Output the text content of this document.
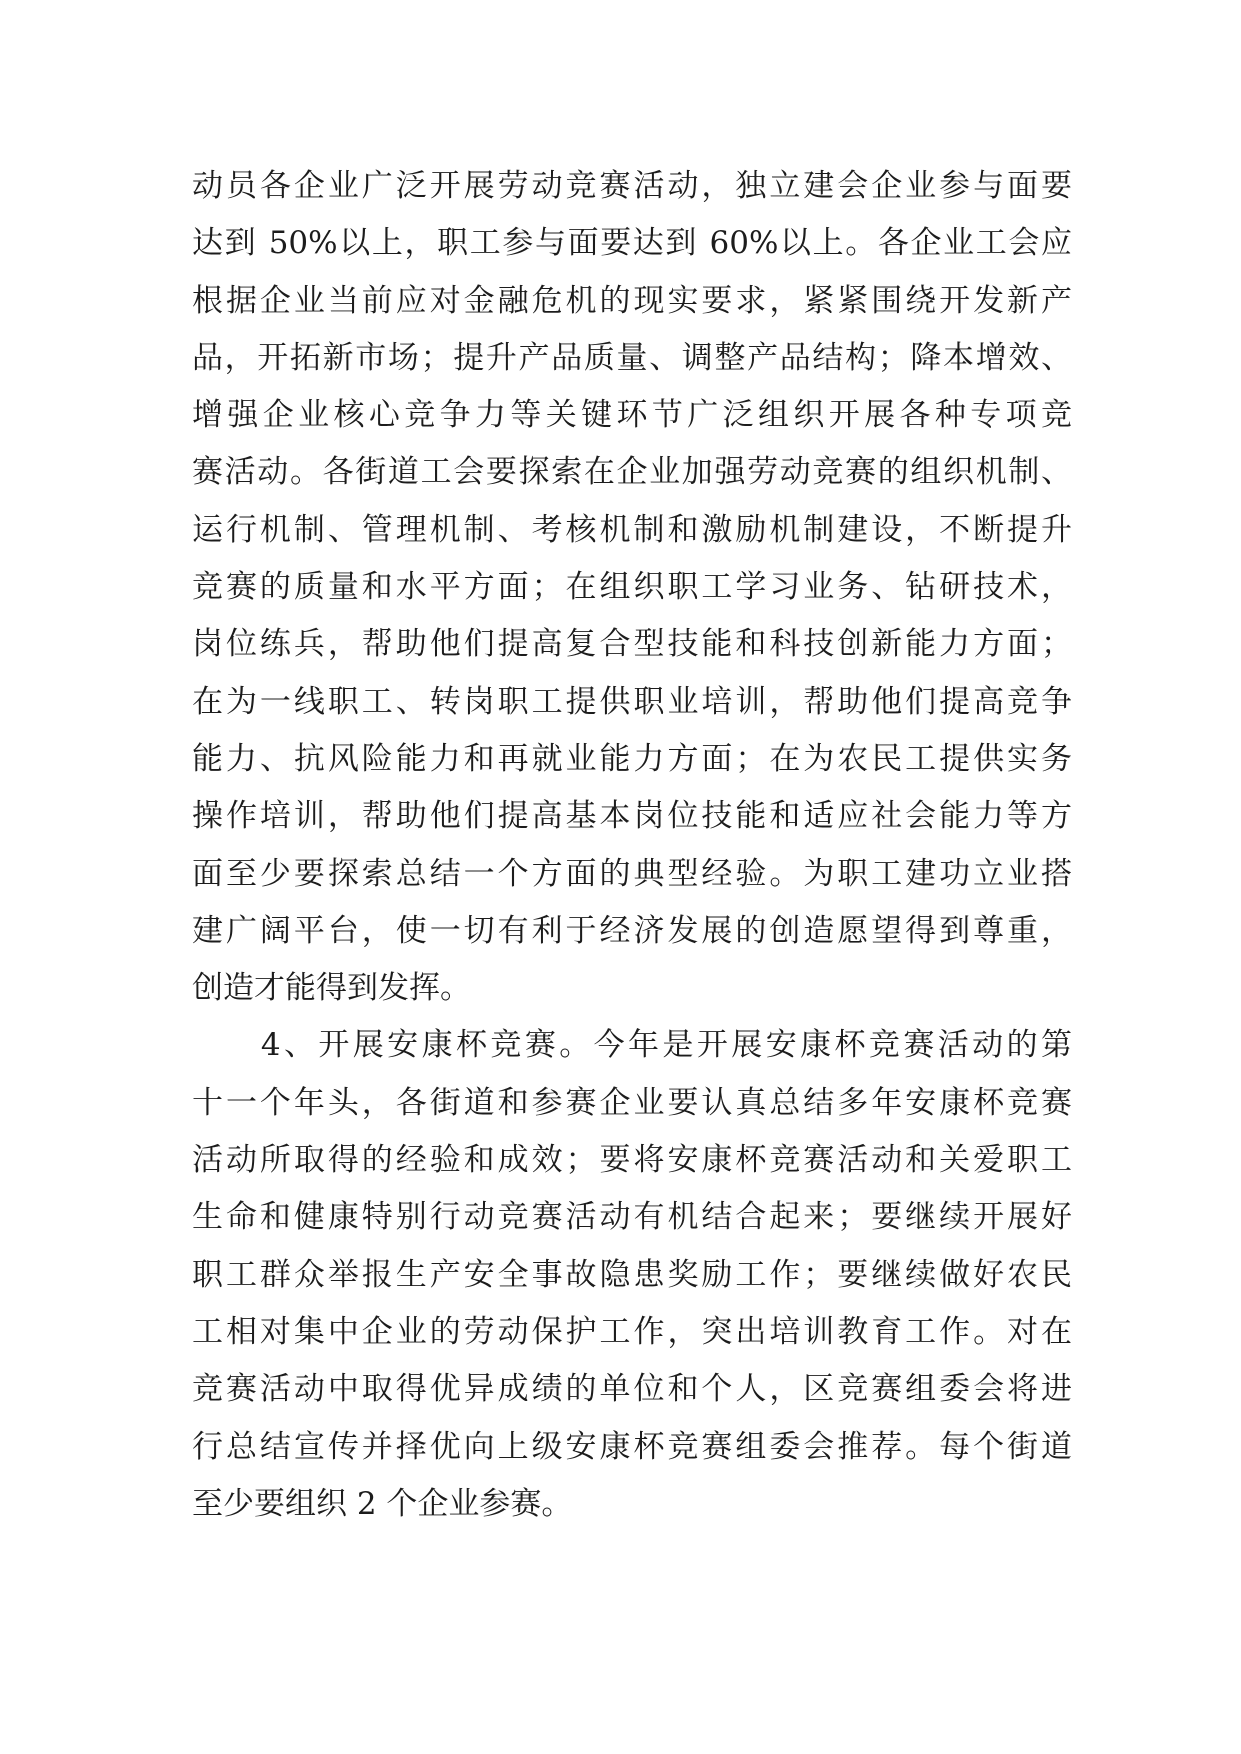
动员各企业广泛开展劳动竞赛活动，独立建会企业参与面要
达到 50%以上，职工参与面要达到 60%以上。各企业工会应
根据企业当前应对金融危机的现实要求，紧紧围绕开发新产
品，开拓新市场；提升产品质量、调整产品结构；降本增效、
增强企业核心竞争力等关键环节广泛组织开展各种专项竞
赛活动。各街道工会要探索在企业加强劳动竞赛的组织机制、
运行机制、管理机制、考核机制和激励机制建设，不断提升
竞赛的质量和水平方面；在组织职工学习业务、钻研技术，
岗位练兵，帮助他们提高复合型技能和科技创新能力方面；
在为一线职工、转岗职工提供职业培训，帮助他们提高竞争
能力、抗风险能力和再就业能力方面；在为农民工提供实务
操作培训，帮助他们提高基本岗位技能和适应社会能力等方
面至少要探索总结一个方面的典型经验。为职工建功立业搭
建广阔平台，使一切有利于经济发展的创造愿望得到尊重，
创造才能得到发挥。
　　4、开展安康杯竞赛。今年是开展安康杯竞赛活动的第
十一个年头，各街道和参赛企业要认真总结多年安康杯竞赛
活动所取得的经验和成效；要将安康杯竞赛活动和关爱职工
生命和健康特别行动竞赛活动有机结合起来；要继续开展好
职工群众举报生产安全事故隐患奖励工作；要继续做好农民
工相对集中企业的劳动保护工作，突出培训教育工作。对在
竞赛活动中取得优异成绩的单位和个人，区竞赛组委会将进
行总结宣传并择优向上级安康杯竞赛组委会推荐。每个街道
至少要组织 2 个企业参赛。
